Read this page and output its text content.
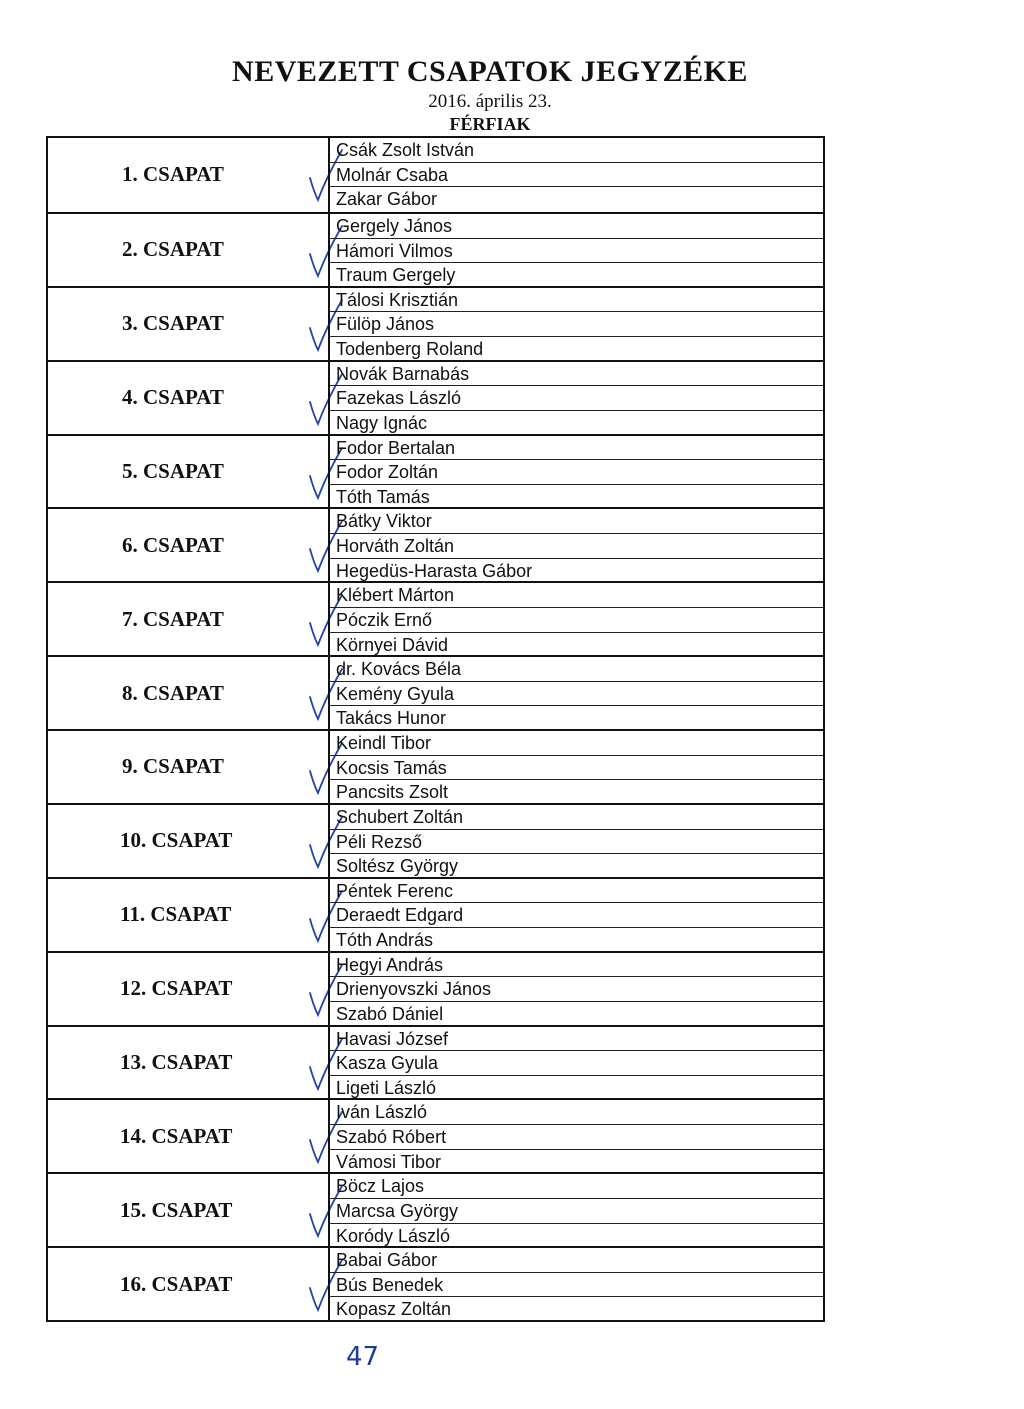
NEVEZETT CSAPATOK JEGYZÉKE
2016. április 23.
FÉRFIAK
1. CSAPAT
Csák Zsolt István
Molnár Csaba
Zakar Gábor
2. CSAPAT
Gergely János
Hámori Vilmos
Traum Gergely
3. CSAPAT
Tálosi Krisztián
Fülöp János
Todenberg Roland
4. CSAPAT
Novák Barnabás
Fazekas László
Nagy Ignác
5. CSAPAT
Fodor Bertalan
Fodor Zoltán
Tóth Tamás
6. CSAPAT
Bátky Viktor
Horváth Zoltán
Hegedüs-Harasta Gábor
7. CSAPAT
Klébert Márton
Póczik Ernő
Környei Dávid
8. CSAPAT
dr. Kovács Béla
Kemény Gyula
Takács Hunor
9. CSAPAT
Keindl Tibor
Kocsis Tamás
Pancsits Zsolt
10. CSAPAT
Schubert Zoltán
Péli Rezső
Soltész György
11. CSAPAT
Péntek Ferenc
Deraedt Edgard
Tóth András
12. CSAPAT
Hegyi András
Drienyovszki János
Szabó Dániel
13. CSAPAT
Havasi József
Kasza Gyula
Ligeti László
14. CSAPAT
Iván László
Szabó Róbert
Vámosi Tibor
15. CSAPAT
Böcz Lajos
Marcsa György
Koródy László
16. CSAPAT
Babai Gábor
Bús Benedek
Kopasz Zoltán
47
